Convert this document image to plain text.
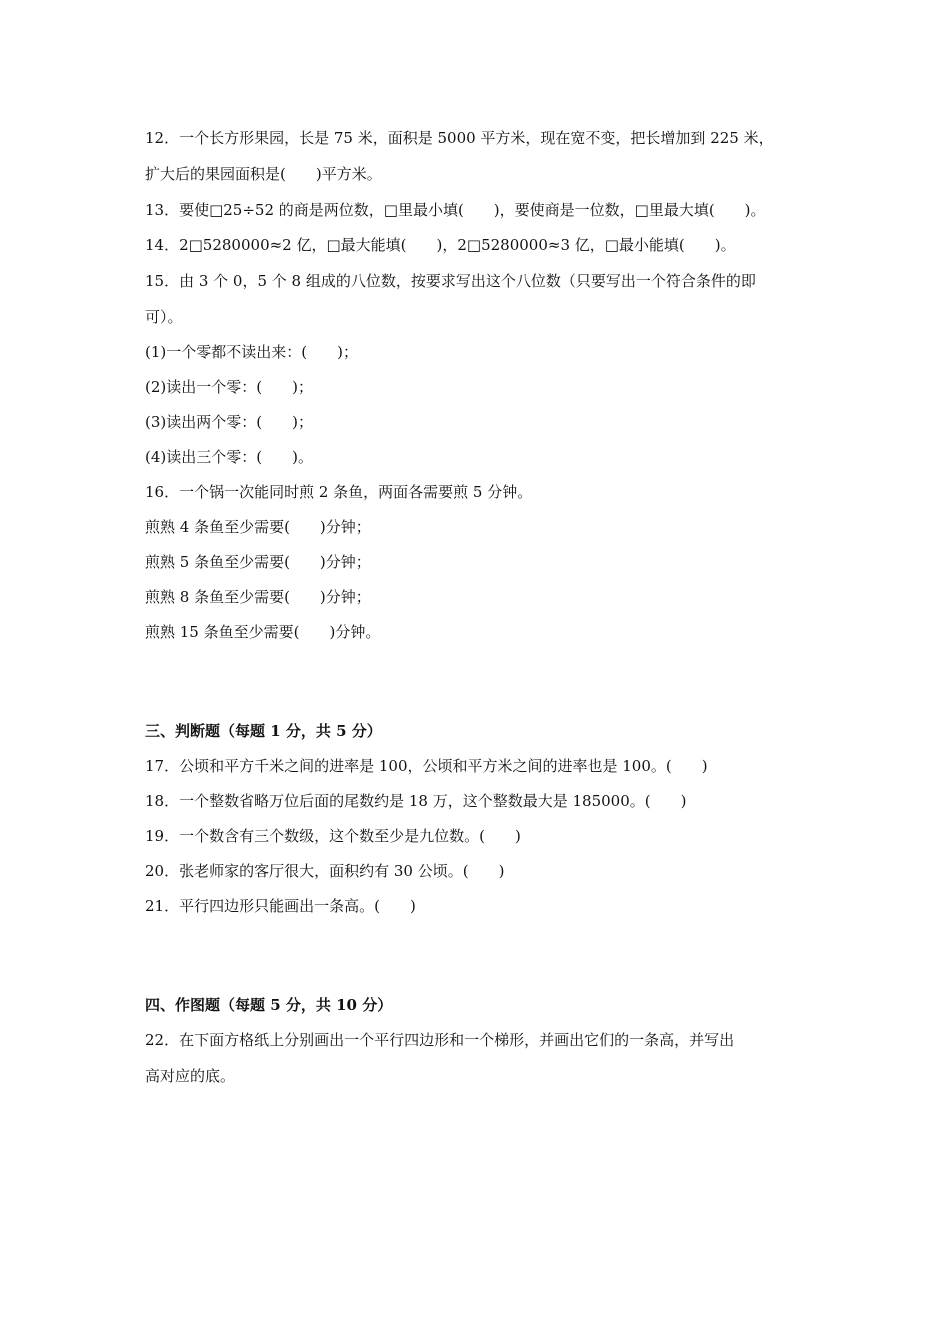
12．一个长方形果园，长是 75 米，面积是 5000 平方米，现在宽不变，把长增加到 225 米，
扩大后的果园面积是(　　)平方米。
13．要使□25÷52 的商是两位数，□里最小填(　　)，要使商是一位数，□里最大填(　　)。
14．2□5280000≈2 亿，□最大能填(　　)，2□5280000≈3 亿，□最小能填(　　)。
15．由 3 个 0，5 个 8 组成的八位数，按要求写出这个八位数（只要写出一个符合条件的即
可）。
(1)一个零都不读出来：(　　)；
(2)读出一个零：(　　)；
(3)读出两个零：(　　)；
(4)读出三个零：(　　)。
16．一个锅一次能同时煎 2 条鱼，两面各需要煎 5 分钟。
煎熟 4 条鱼至少需要(　　)分钟；
煎熟 5 条鱼至少需要(　　)分钟；
煎熟 8 条鱼至少需要(　　)分钟；
煎熟 15 条鱼至少需要(　　)分钟。
三、判断题（每题 1 分，共 5 分）
17．公顷和平方千米之间的进率是 100，公顷和平方米之间的进率也是 100。(　　)
18．一个整数省略万位后面的尾数约是 18 万，这个整数最大是 185000。(　　)
19．一个数含有三个数级，这个数至少是九位数。(　　)
20．张老师家的客厅很大，面积约有 30 公顷。(　　)
21．平行四边形只能画出一条高。(　　)
四、作图题（每题 5 分，共 10 分）
22．在下面方格纸上分别画出一个平行四边形和一个梯形，并画出它们的一条高，并写出
高对应的底。
